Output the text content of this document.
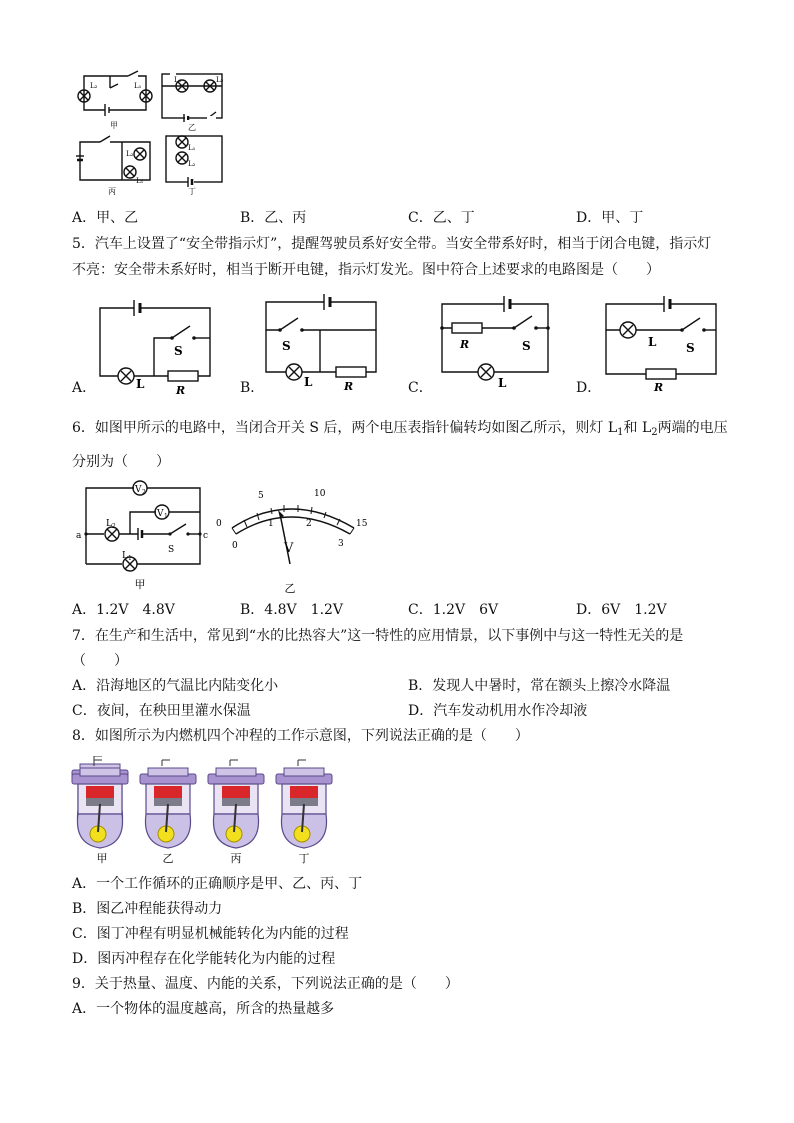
L₂	L₁
L₁	L₂
L₂
L₁
L₁
L₂
甲	乙
丙	丁
A．甲、乙	B．乙、丙	C．乙、丁	D．甲、丁
5．汽车上设置了“安全带指示灯”，提醒驾驶员系好安全带。当安全带系好时，相当于闭合电键，指示灯
不亮：安全带未系好时，相当于断开电键，指示灯发光。图中符合上述要求的电路图是（　　）
A．	B．	C．	D．
S
L	R
S
L	R
R	S
L
L S
R
6．如图甲所示的电路中，当闭合开关 S 后，两个电压表指针偏转均如图乙所示，则灯 $L_1$和 $L_2$两端的电压
分别为（　　）
V 2
V 1
a	c
S
L 2
L 1
甲
0
5	10
15
0
1	2
3
V
乙
A．1.2V　4.8V	B．4.8V　1.2V	C．1.2V　6V	D．6V　1.2V
7．在生产和生活中，常见到“水的比热容大”这一特性的应用情景，以下事例中与这一特性无关的是
（　　）
A．沿海地区的气温比内陆变化小	B．发现人中暑时，常在额头上擦冷水降温
C．夜间，在秧田里灌水保温	D．汽车发动机用水作冷却液
8．如图所示为内燃机四个冲程的工作示意图，下列说法正确的是（　　）
甲	乙	丙	丁
A．一个工作循环的正确顺序是甲、乙、丙、丁
B．图乙冲程能获得动力
C．图丁冲程有明显机械能转化为内能的过程
D．图丙冲程存在化学能转化为内能的过程
9．关于热量、温度、内能的关系，下列说法正确的是（　　）
A．一个物体的温度越高，所含的热量越多
